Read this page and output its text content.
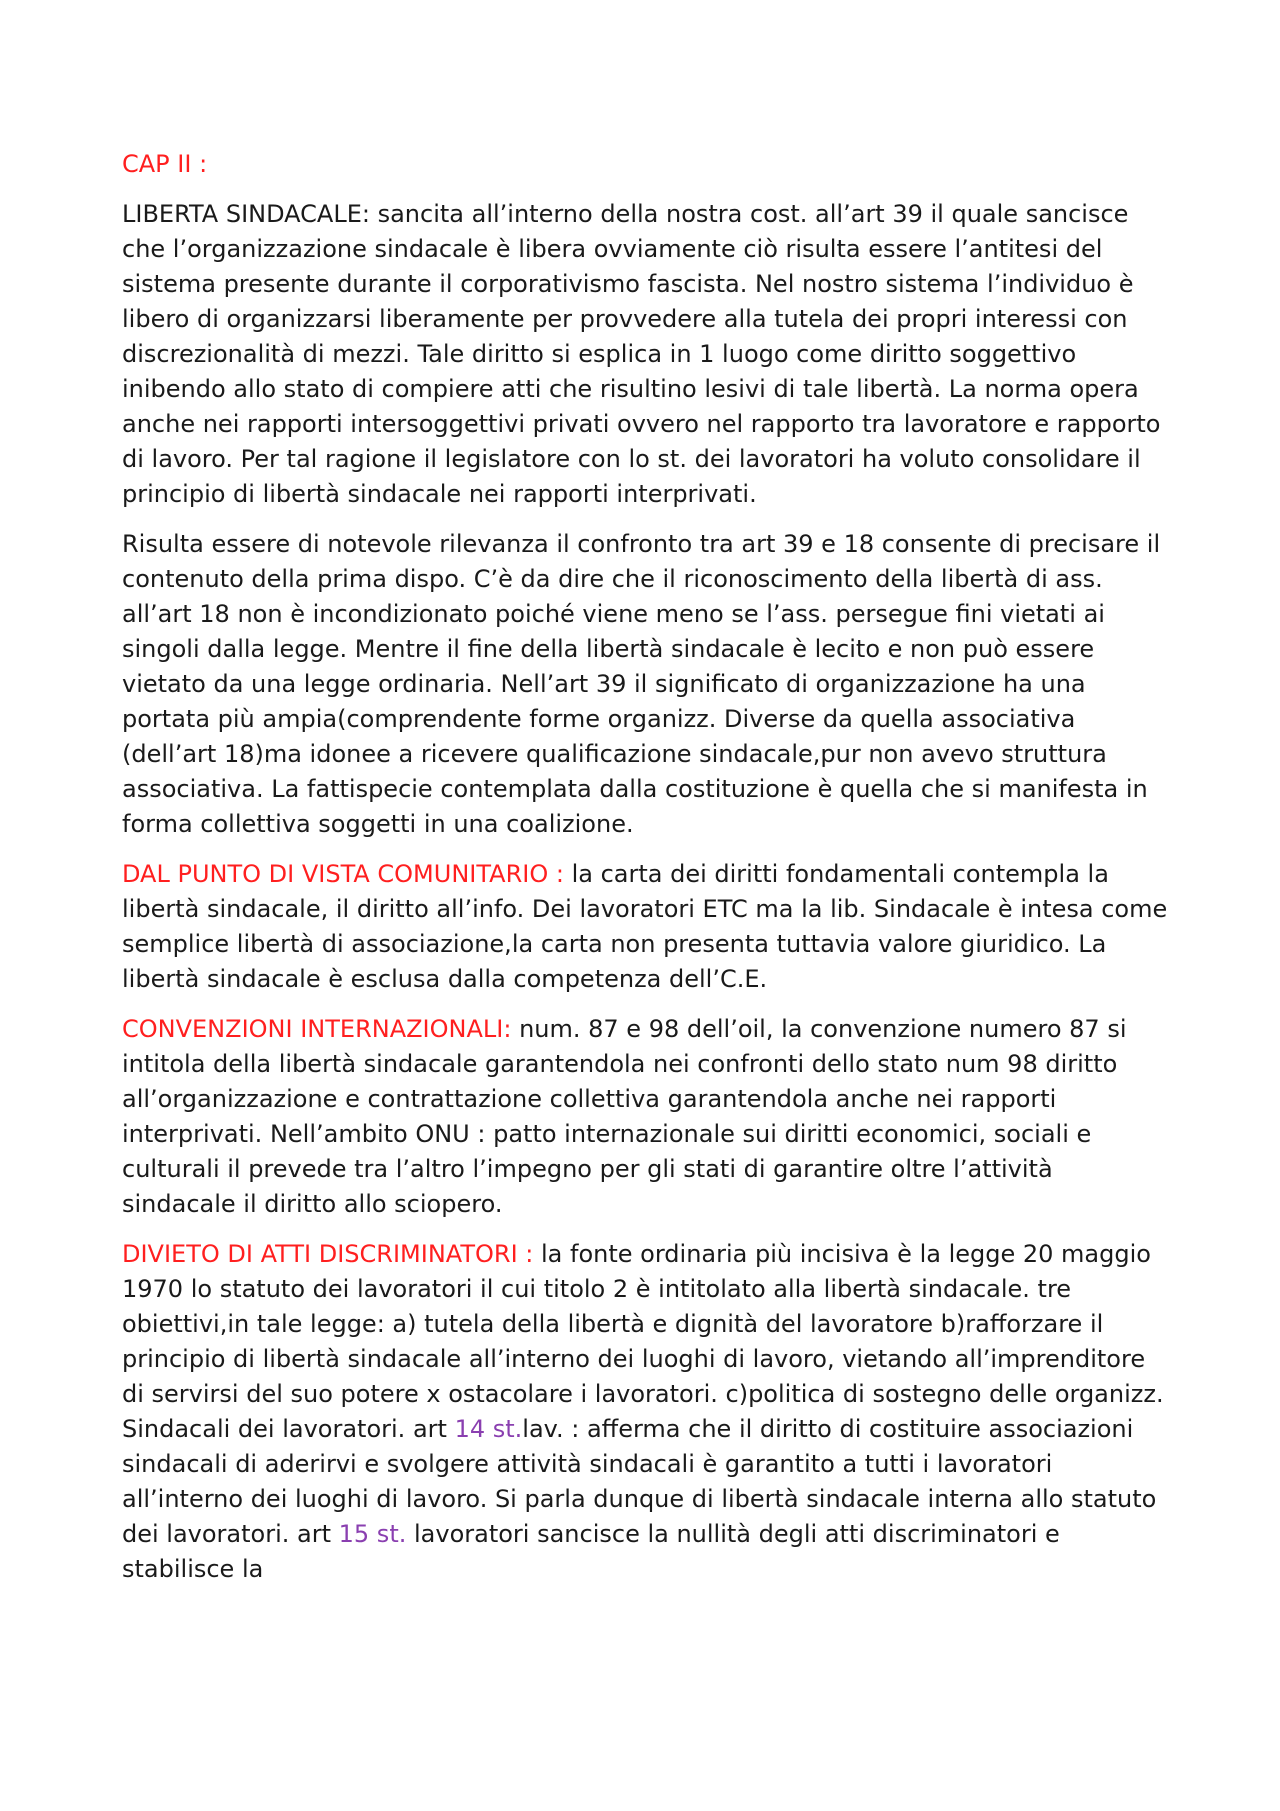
CAP II :

LIBERTA SINDACALE: sancita all’interno della nostra cost. all’art 39 il quale sancisce che l’organizzazione sindacale è libera ovviamente ciò risulta essere l’antitesi del sistema presente durante il corporativismo fascista. Nel nostro sistema l’individuo è libero di organizzarsi liberamente per provvedere alla tutela dei propri interessi con discrezionalità di mezzi. Tale diritto si esplica in 1 luogo come diritto soggettivo inibendo allo stato di compiere atti che risultino lesivi di tale libertà. La norma opera anche nei rapporti intersoggettivi privati ovvero nel rapporto tra lavoratore e rapporto di lavoro. Per tal ragione il legislatore con lo st. dei lavoratori ha voluto consolidare il principio di libertà sindacale nei rapporti interprivati.

Risulta essere di notevole rilevanza il confronto tra art 39 e 18 consente di precisare il contenuto della prima dispo. C’è da dire che il riconoscimento della libertà di ass. all’art 18 non è incondizionato poiché viene meno se l’ass. persegue fini vietati ai singoli dalla legge. Mentre il fine della libertà sindacale è lecito e non può essere vietato da una legge ordinaria. Nell’art 39 il significato di organizzazione ha una portata più ampia(comprendente forme organizz. Diverse da quella associativa (dell’art 18)ma idonee a ricevere qualificazione sindacale,pur non avevo struttura associativa. La fattispecie contemplata dalla costituzione è quella che si manifesta in forma collettiva soggetti in una coalizione.

DAL PUNTO DI VISTA COMUNITARIO : la carta dei diritti fondamentali contempla la libertà sindacale, il diritto all’info. Dei lavoratori ETC ma la lib. Sindacale è intesa come semplice libertà di associazione,la carta non presenta tuttavia valore giuridico. La libertà sindacale è esclusa dalla competenza dell’C.E.

CONVENZIONI INTERNAZIONALI: num. 87 e 98 dell’oil, la convenzione numero 87 si intitola della libertà sindacale garantendola nei confronti dello stato num 98 diritto all’organizzazione e contrattazione collettiva garantendola anche nei rapporti interprivati. Nell’ambito ONU : patto internazionale sui diritti economici, sociali e culturali il prevede tra l’altro l’impegno per gli stati di garantire oltre l’attività sindacale il diritto allo sciopero.

DIVIETO DI ATTI DISCRIMINATORI : la fonte ordinaria più incisiva è la legge 20 maggio 1970 lo statuto dei lavoratori il cui titolo 2 è intitolato alla libertà sindacale. tre obiettivi,in tale legge: a) tutela della libertà e dignità del lavoratore b)rafforzare il principio di libertà sindacale all’interno dei luoghi di lavoro, vietando all’imprenditore di servirsi del suo potere x ostacolare i lavoratori. c)politica di sostegno delle organizz. Sindacali dei lavoratori. art 14 st.lav. : afferma che il diritto di costituire associazioni sindacali di aderirvi e svolgere attività sindacali è garantito a tutti i lavoratori all’interno dei luoghi di lavoro. Si parla dunque di libertà sindacale interna allo statuto dei lavoratori. art 15 st. lavoratori sancisce la nullità degli atti discriminatori e stabilisce la
